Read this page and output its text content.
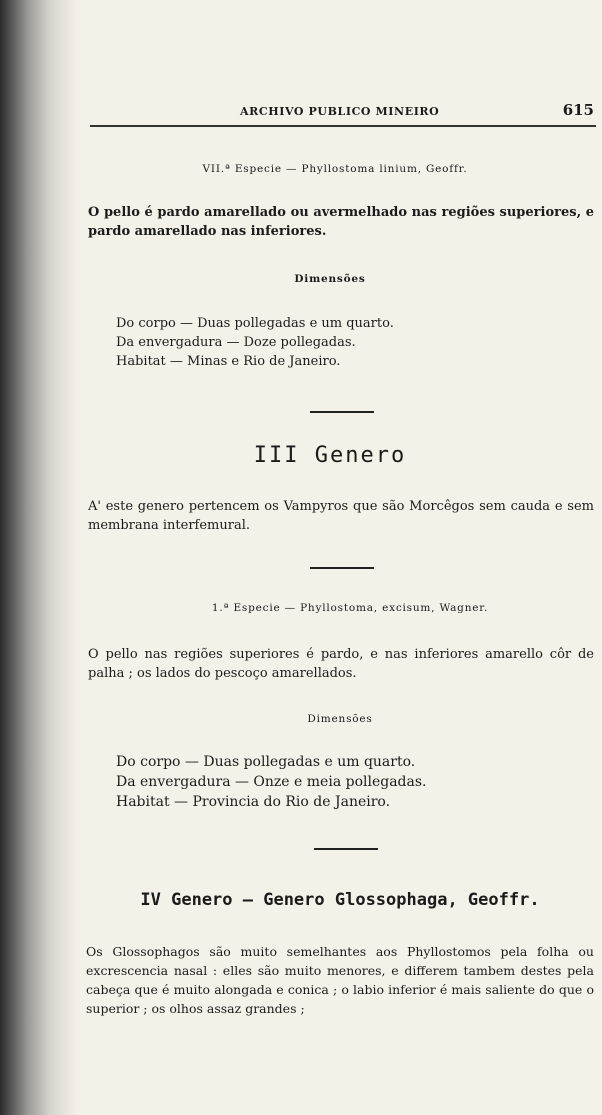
ARCHIVO PUBLICO MINEIRO	615
VII.ª Especie — Phyllostoma linium, Geoffr.
O pello é pardo amarellado ou avermelhado nas regiões superiores, e pardo amarellado nas inferiores.
Dimensões
Do corpo — Duas pollegadas e um quarto.
Da envergadura — Doze pollegadas.
Habitat — Minas e Rio de Janeiro.
III Genero
A' este genero pertencem os Vampyros que são Morcêgos sem cauda e sem membrana interfemural.
1.ª Especie — Phyllostoma, excisum, Wagner.
O pello nas regiões superiores é pardo, e nas inferiores amarello côr de palha ; os lados do pescoço amarellados.
Dimensões
Do corpo — Duas pollegadas e um quarto.
Da envergadura — Onze e meia pollegadas.
Habitat — Provincia do Rio de Janeiro.
IV Genero — Genero Glossophaga, Geoffr.
Os Glossophagos são muito semelhantes aos Phyllostomos pela folha ou excrescencia nasal : elles são muito menores, e differem tambem destes pela cabeça que é muito alongada e conica ; o labio inferior é mais saliente do que o superior ; os olhos assaz grandes ;
